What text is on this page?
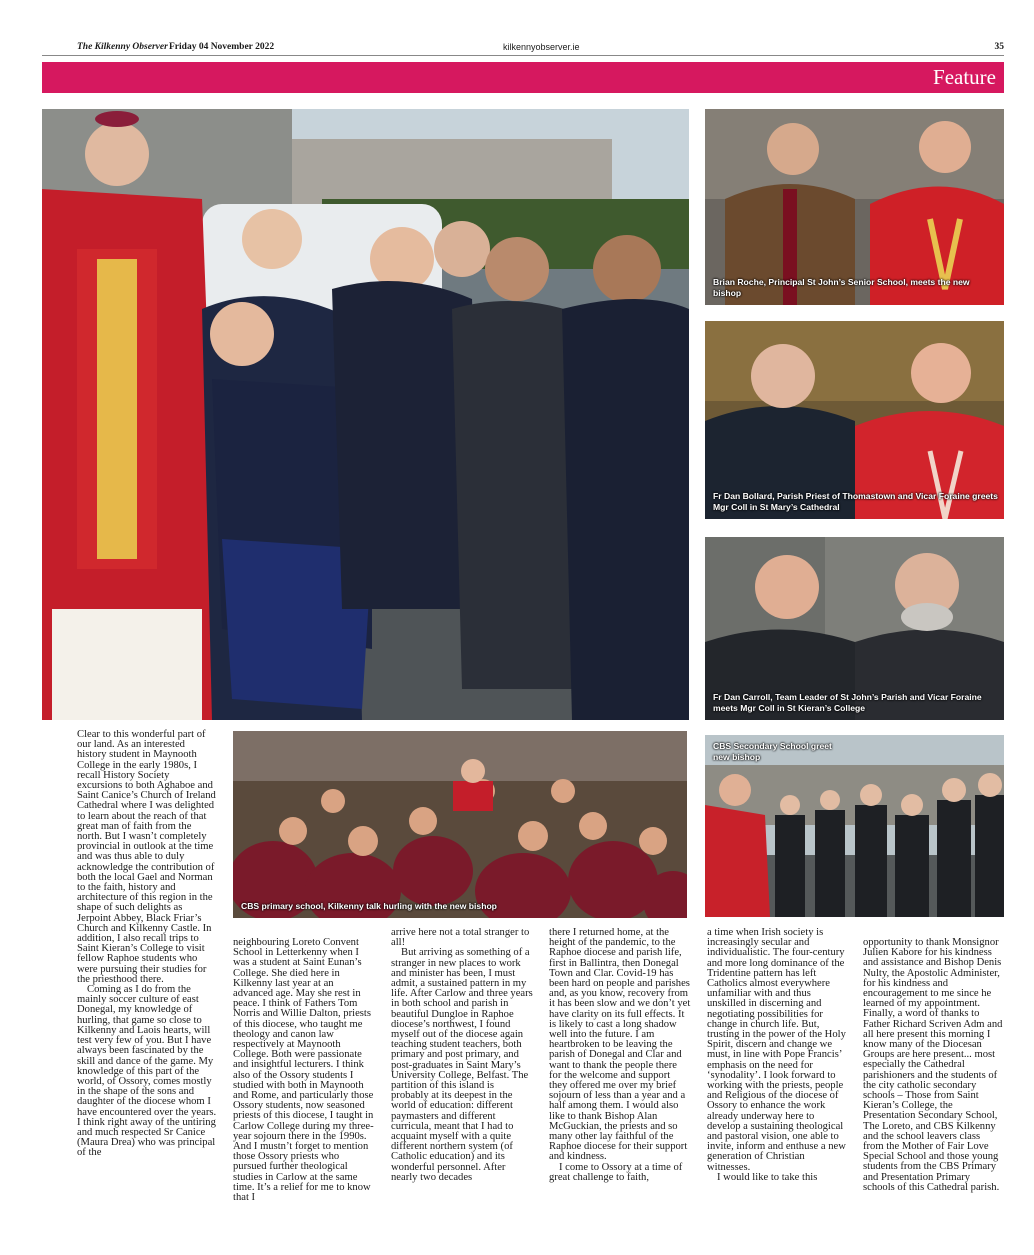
The Kilkenny Observer Friday 04 November 2022	kilkennyobserver.ie	35
Feature
Brian Roche, Principal St John’s Senior School, meets the new bishop
Fr Dan Bollard, Parish Priest of Thomastown and Vicar Foraine greets Mgr Coll in St Mary’s Cathedral
Fr Dan Carroll, Team Leader of St John’s Parish and Vicar Foraine meets Mgr Coll in St Kieran’s College
CBS primary school, Kilkenny talk hurling with the new bishop
CBS Secondary School greet new bishop

Clear to this wonderful part of our land. As an interested history student in Maynooth College in the early 1980s, I recall History Society excursions to both Aghaboe and Saint Canice’s Church of Ireland Cathedral where I was delighted to learn about the reach of that great man of faith from the north. But I wasn’t completely provincial in outlook at the time and was thus able to duly acknowledge the contribution of both the local Gael and Norman to the faith, history and architecture of this region in the shape of such delights as Jerpoint Abbey, Black Friar’s Church and Kilkenny Castle. In addition, I also recall trips to Saint Kieran’s College to visit fellow Raphoe students who were pursuing their studies for the priesthood there.

Coming as I do from the mainly soccer culture of east Donegal, my knowledge of hurling, that game so close to Kilkenny and Laois hearts, will test very few of you. But I have always been fascinated by the skill and dance of the game. My knowledge of this part of the world, of Ossory, comes mostly in the shape of the sons and daughter of the diocese whom I have encountered over the years. I think right away of the untiring and much respected Sr Canice (Maura Drea) who was principal of the

neighbouring Loreto Convent School in Letterkenny when I was a student at Saint Eunan’s College. She died here in Kilkenny last year at an advanced age. May she rest in peace. I think of Fathers Tom Norris and Willie Dalton, priests of this diocese, who taught me theology and canon law respectively at Maynooth College. Both were passionate and insightful lecturers. I think also of the Ossory students I studied with both in Maynooth and Rome, and particularly those Ossory students, now seasoned priests of this diocese, I taught in Carlow College during my three-year sojourn there in the 1990s. And I mustn’t forget to mention those Ossory priests who pursued further theological studies in Carlow at the same time. It’s a relief for me to know that I

arrive here not a total stranger to all!

But arriving as something of a stranger in new places to work and minister has been, I must admit, a sustained pattern in my life. After Carlow and three years in both school and parish in beautiful Dungloe in Raphoe diocese’s northwest, I found myself out of the diocese again teaching student teachers, both primary and post primary, and post-graduates in Saint Mary’s University College, Belfast. The partition of this island is probably at its deepest in the world of education: different paymasters and different curricula, meant that I had to acquaint myself with a quite different northern system (of Catholic education) and its wonderful personnel. After nearly two decades

there I returned home, at the height of the pandemic, to the Raphoe diocese and parish life, first in Ballintra, then Donegal Town and Clar. Covid-19 has been hard on people and parishes and, as you know, recovery from it has been slow and we don’t yet have clarity on its full effects. It is likely to cast a long shadow well into the future. I am heartbroken to be leaving the parish of Donegal and Clar and want to thank the people there for the welcome and support they offered me over my brief sojourn of less than a year and a half among them. I would also like to thank Bishop Alan McGuckian, the priests and so many other lay faithful of the Raphoe diocese for their support and kindness.

I come to Ossory at a time of great challenge to faith,

a time when Irish society is increasingly secular and individualistic. The four-century and more long dominance of the Tridentine pattern has left Catholics almost everywhere unfamiliar with and thus unskilled in discerning and negotiating possibilities for change in church life. But, trusting in the power of the Holy Spirit, discern and change we must, in line with Pope Francis’ emphasis on the need for ‘synodality’. I look forward to working with the priests, people and Religious of the diocese of Ossory to enhance the work already underway here to develop a sustaining theological and pastoral vision, one able to invite, inform and enthuse a new generation of Christian witnesses.

I would like to take this

opportunity to thank Monsignor Julien Kabore for his kindness and assistance and Bishop Denis Nulty, the Apostolic Administer, for his kindness and encouragement to me since he learned of my appointment. Finally, a word of thanks to Father Richard Scriven Adm and all here present this morning I know many of the Diocesan Groups are here present... most especially the Cathedral parishioners and the students of the city catholic secondary schools – Those from Saint Kieran’s College, the Presentation Secondary School, The Loreto, and CBS Kilkenny and the school leavers class from the Mother of Fair Love Special School and those young students from the CBS Primary and Presentation Primary schools of this Cathedral parish.
